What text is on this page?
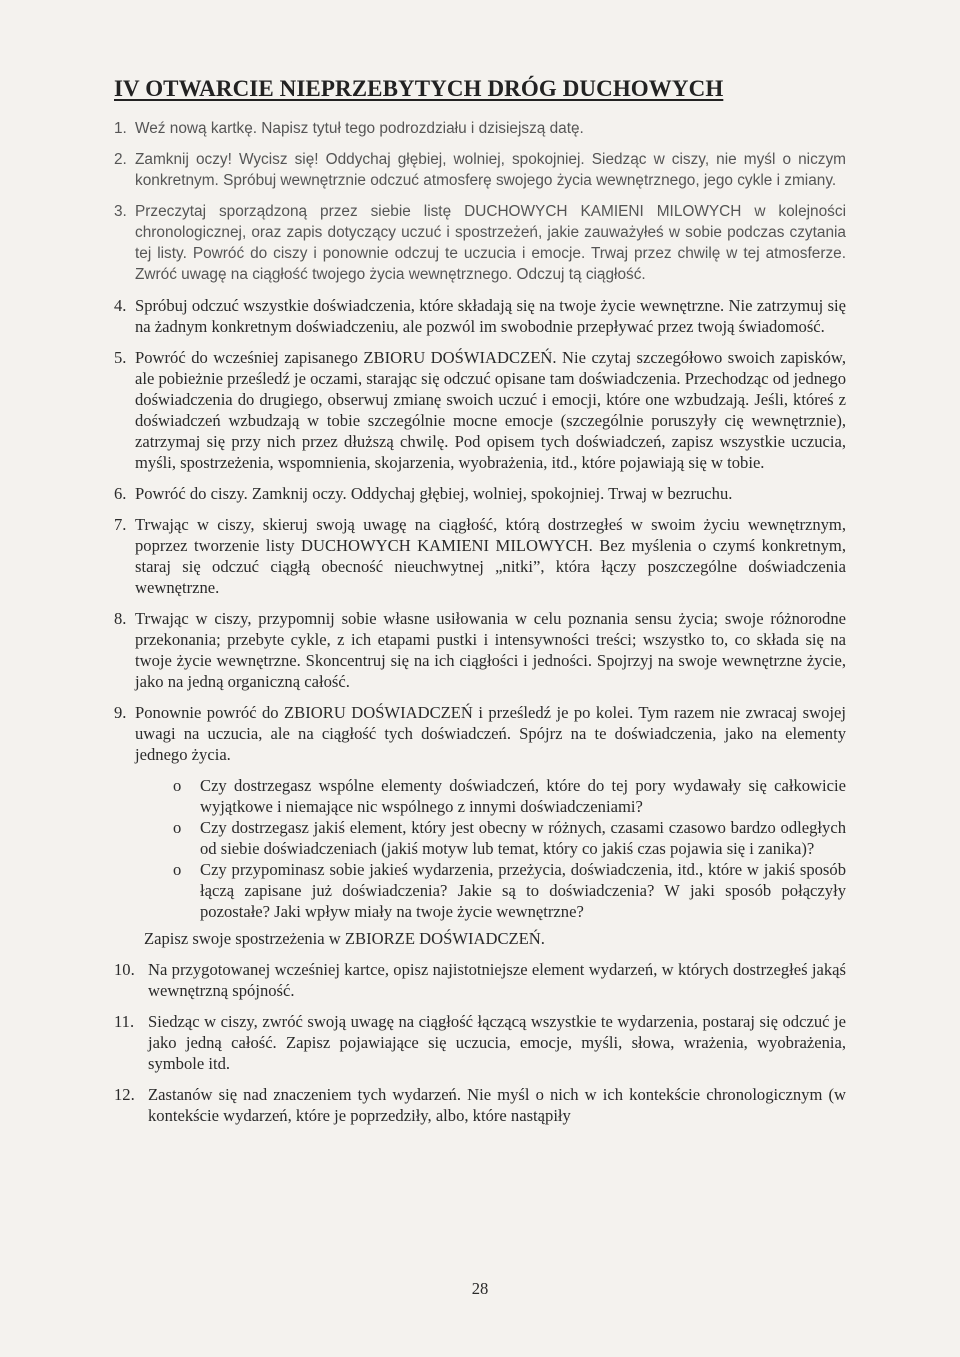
IV OTWARCIE NIEPRZEBYTYCH DRÓG DUCHOWYCH
1. Weź nową kartkę. Napisz tytuł tego podrozdziału i dzisiejszą datę.
2. Zamknij oczy! Wycisz się! Oddychaj głębiej, wolniej, spokojniej. Siedząc w ciszy, nie myśl o niczym konkretnym. Spróbuj wewnętrznie odczuć atmosferę swojego życia wewnętrznego, jego cykle i zmiany.
3. Przeczytaj sporządzoną przez siebie listę DUCHOWYCH KAMIENI MILOWYCH w kolejności chronologicznej, oraz zapis dotyczący uczuć i spostrzeżeń, jakie zauważyłeś w sobie podczas czytania tej listy. Powróć do ciszy i ponownie odczuj te uczucia i emocje. Trwaj przez chwilę w tej atmosferze. Zwróć uwagę na ciągłość twojego życia wewnętrznego. Odczuj tą ciągłość.
4. Spróbuj odczuć wszystkie doświadczenia, które składają się na twoje życie wewnętrzne. Nie zatrzymuj się na żadnym konkretnym doświadczeniu, ale pozwól im swobodnie przepływać przez twoją świadomość.
5. Powróć do wcześniej zapisanego ZBIORU DOŚWIADCZEŃ. Nie czytaj szczegółowo swoich zapisków, ale pobieżnie prześledź je oczami, starając się odczuć opisane tam doświadczenia. Przechodząc od jednego doświadczenia do drugiego, obserwuj zmianę swoich uczuć i emocji, które one wzbudzają. Jeśli, któreś z doświadczeń wzbudzają w tobie szczególnie mocne emocje (szczególnie poruszyły cię wewnętrznie), zatrzymaj się przy nich przez dłuższą chwilę. Pod opisem tych doświadczeń, zapisz wszystkie uczucia, myśli, spostrzeżenia, wspomnienia, skojarzenia, wyobrażenia, itd., które pojawiają się w tobie.
6. Powróć do ciszy. Zamknij oczy. Oddychaj głębiej, wolniej, spokojniej. Trwaj w bezruchu.
7. Trwając w ciszy, skieruj swoją uwagę na ciągłość, którą dostrzegłeś w swoim życiu wewnętrznym, poprzez tworzenie listy DUCHOWYCH KAMIENI MILOWYCH. Bez myślenia o czymś konkretnym, staraj się odczuć ciągłą obecność nieuchwytnej „nitki”, która łączy poszczególne doświadczenia wewnętrzne.
8. Trwając w ciszy, przypomnij sobie własne usiłowania w celu poznania sensu życia; swoje różnorodne przekonania; przebyte cykle, z ich etapami pustki i intensywności treści; wszystko to, co składa się na twoje życie wewnętrzne. Skoncentruj się na ich ciągłości i jedności. Spojrzyj na swoje wewnętrzne życie, jako na jedną organiczną całość.
9. Ponownie powróć do ZBIORU DOŚWIADCZEŃ i prześledź je po kolei. Tym razem nie zwracaj swojej uwagi na uczucia, ale na ciągłość tych doświadczeń. Spójrz na te doświadczenia, jako na elementy jednego życia.
o Czy dostrzegasz wspólne elementy doświadczeń, które do tej pory wydawały się całkowicie wyjątkowe i niemające nic wspólnego z innymi doświadczeniami?
o Czy dostrzegasz jakiś element, który jest obecny w różnych, czasami czasowo bardzo odległych od siebie doświadczeniach (jakiś motyw lub temat, który co jakiś czas pojawia się i zanika)?
o Czy przypominasz sobie jakieś wydarzenia, przeżycia, doświadczenia, itd., które w jakiś sposób łączą zapisane już doświadczenia? Jakie są to doświadczenia? W jaki sposób połączyły pozostałe? Jaki wpływ miały na twoje życie wewnętrzne?
Zapisz swoje spostrzeżenia w ZBIORZE DOŚWIADCZEŃ.
10. Na przygotowanej wcześniej kartce, opisz najistotniejsze element wydarzeń, w których dostrzegłeś jakąś wewnętrzną spójność.
11. Siedząc w ciszy, zwróć swoją uwagę na ciągłość łączącą wszystkie te wydarzenia, postaraj się odczuć je jako jedną całość. Zapisz pojawiające się uczucia, emocje, myśli, słowa, wrażenia, wyobrażenia, symbole itd.
12. Zastanów się nad znaczeniem tych wydarzeń. Nie myśl o nich w ich kontekście chronologicznym (w kontekście wydarzeń, które je poprzedziły, albo, które nastąpiły
28
